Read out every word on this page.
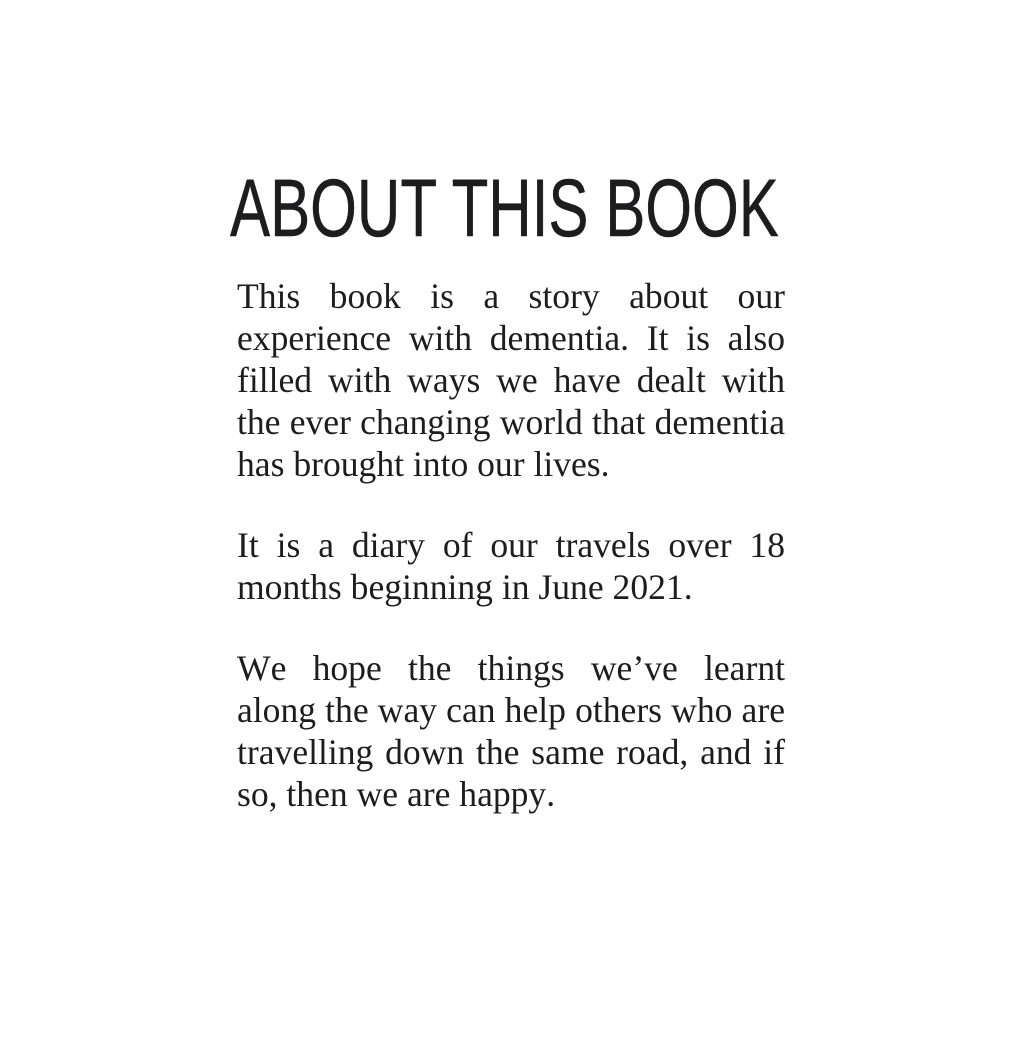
ABOUT THIS BOOK

This book is a story about our experience with dementia. It is also filled with ways we have dealt with the ever changing world that dementia has brought into our lives.

It is a diary of our travels over 18 months beginning in June 2021.

We hope the things we’ve learnt along the way can help others who are travelling down the same road, and if so, then we are happy.
